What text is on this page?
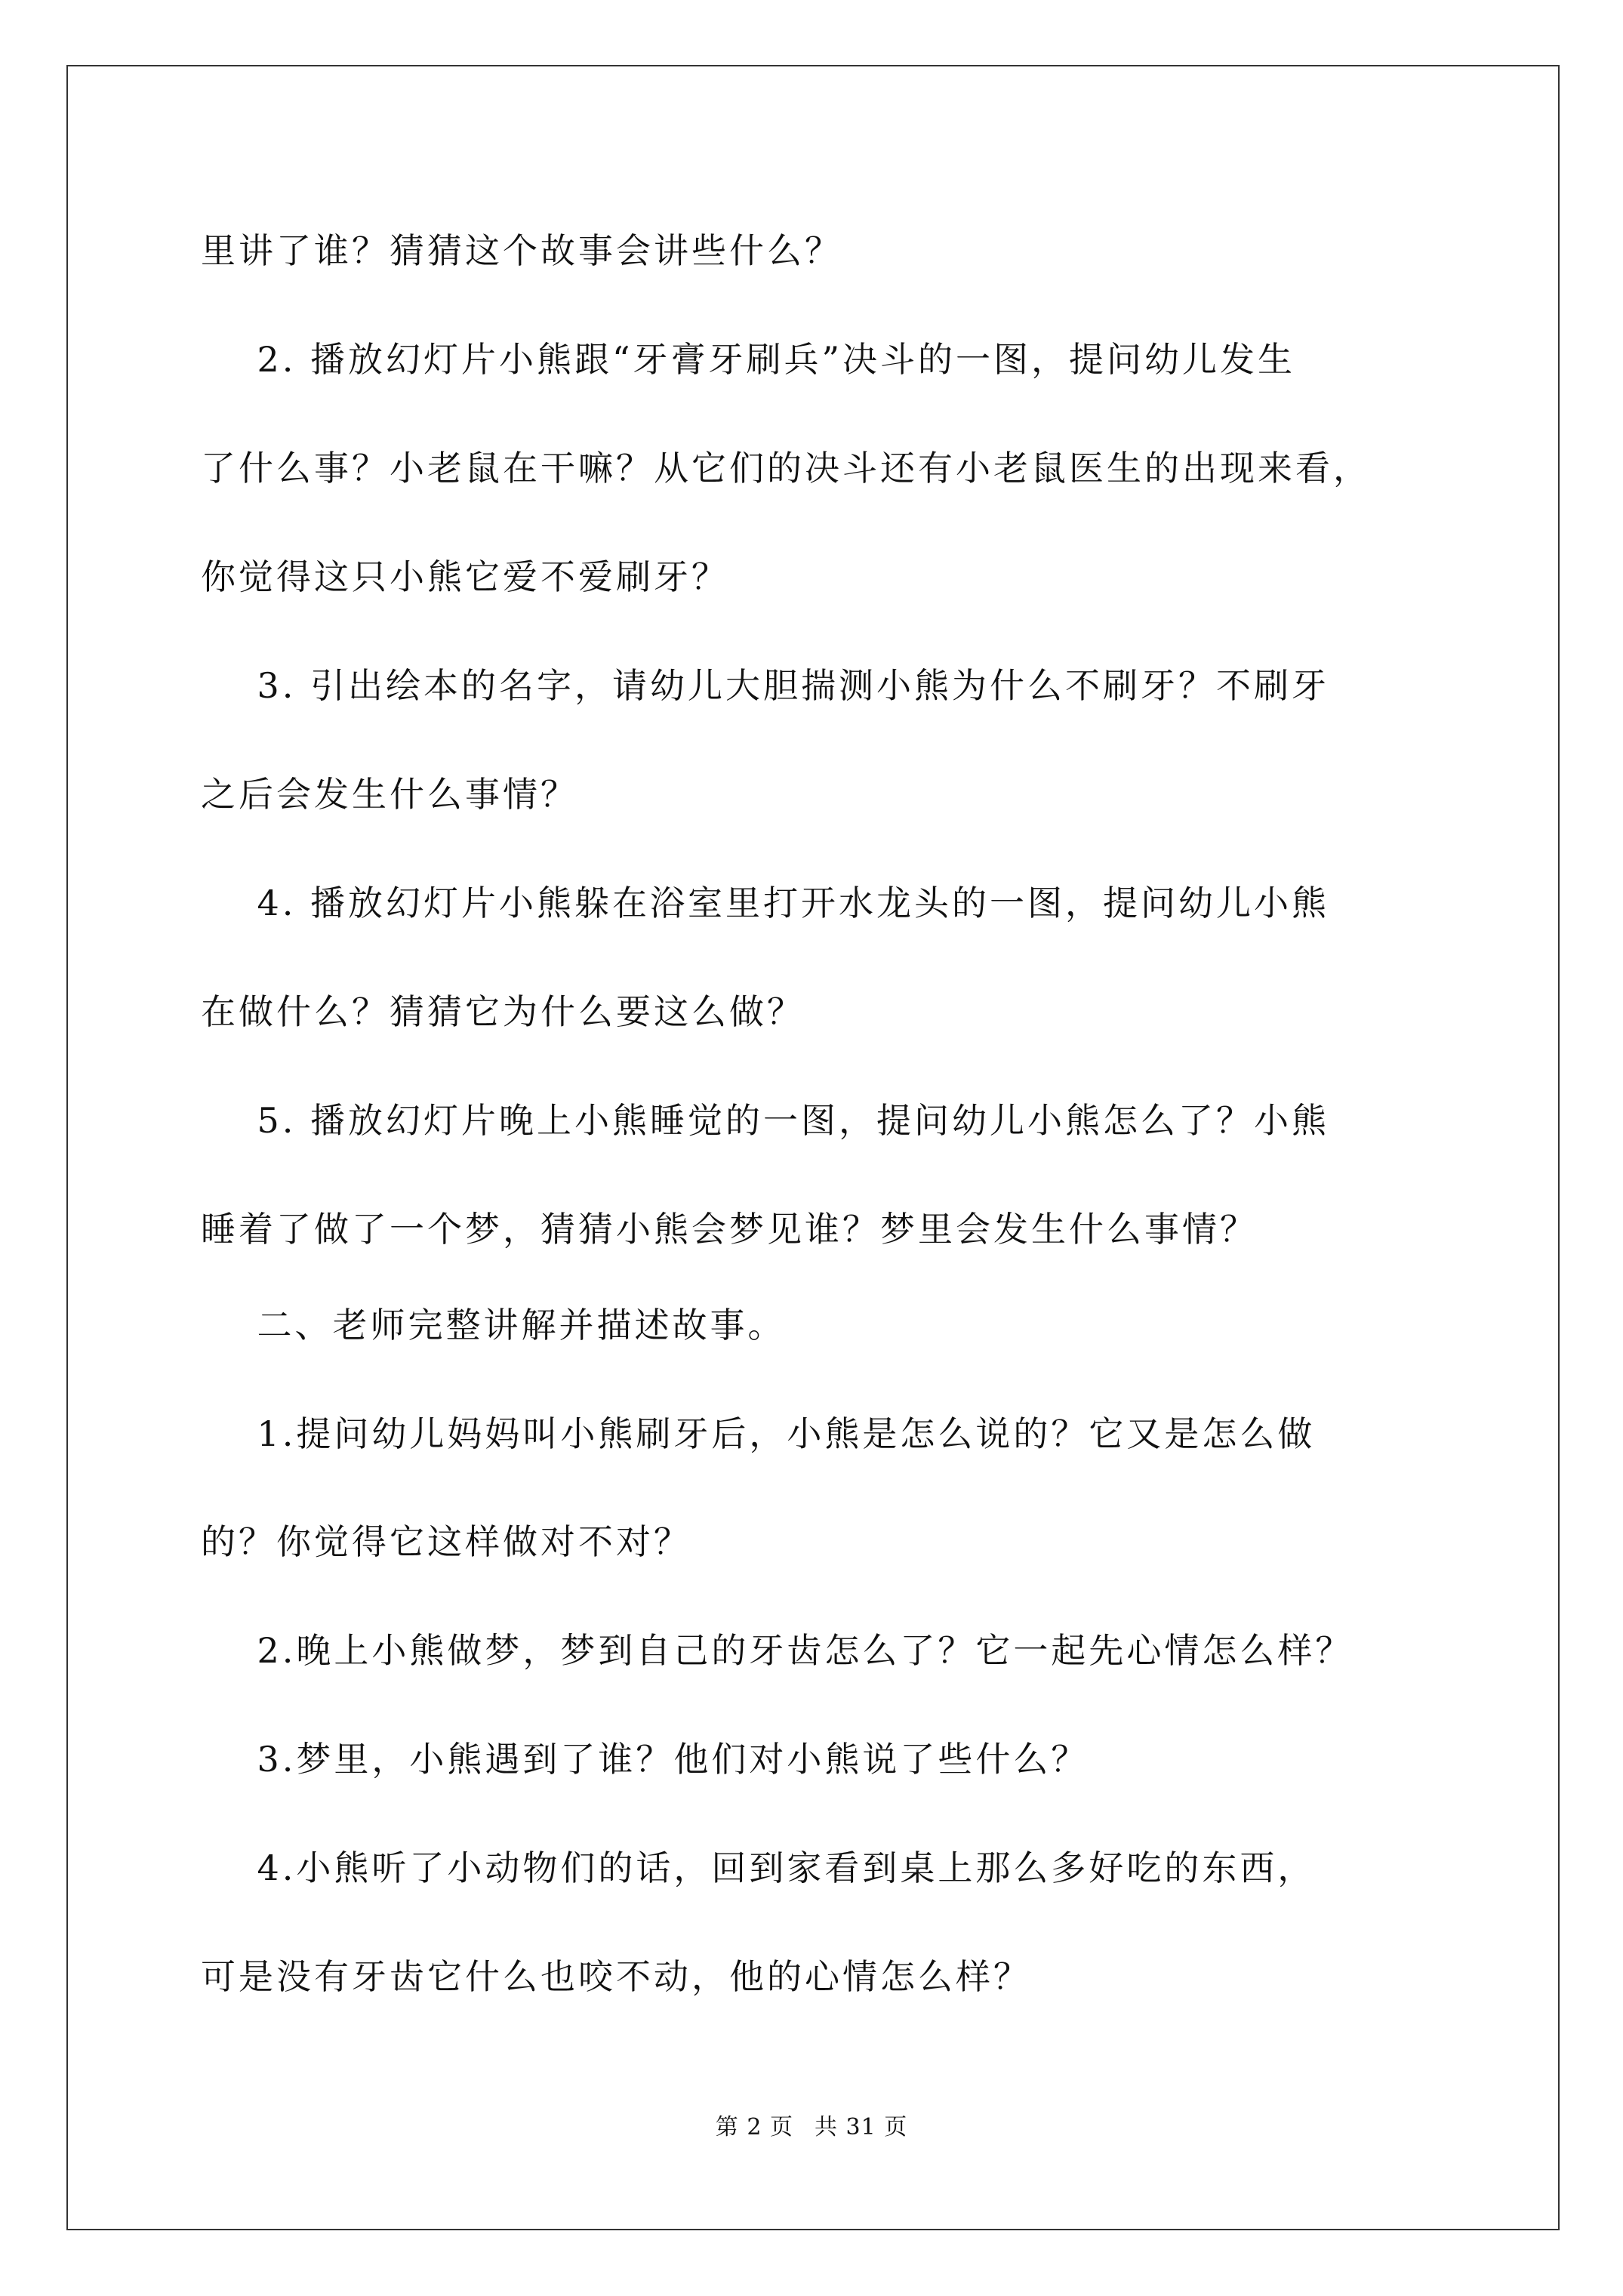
里讲了谁？猜猜这个故事会讲些什么？

2. 播放幻灯片小熊跟“牙膏牙刷兵”决斗的一图，提问幼儿发生

了什么事？小老鼠在干嘛？从它们的决斗还有小老鼠医生的出现来看，

你觉得这只小熊它爱不爱刷牙？

3. 引出绘本的名字，请幼儿大胆揣测小熊为什么不刷牙？不刷牙

之后会发生什么事情？

4. 播放幻灯片小熊躲在浴室里打开水龙头的一图，提问幼儿小熊

在做什么？猜猜它为什么要这么做？

5. 播放幻灯片晚上小熊睡觉的一图，提问幼儿小熊怎么了？小熊

睡着了做了一个梦，猜猜小熊会梦见谁？梦里会发生什么事情？

二、老师完整讲解并描述故事。

1.提问幼儿妈妈叫小熊刷牙后，小熊是怎么说的？它又是怎么做

的？你觉得它这样做对不对？

2.晚上小熊做梦，梦到自己的牙齿怎么了？它一起先心情怎么样？

3.梦里，小熊遇到了谁？他们对小熊说了些什么？

4.小熊听了小动物们的话，回到家看到桌上那么多好吃的东西，

可是没有牙齿它什么也咬不动，他的心情怎么样？

第 2 页 共 31 页
